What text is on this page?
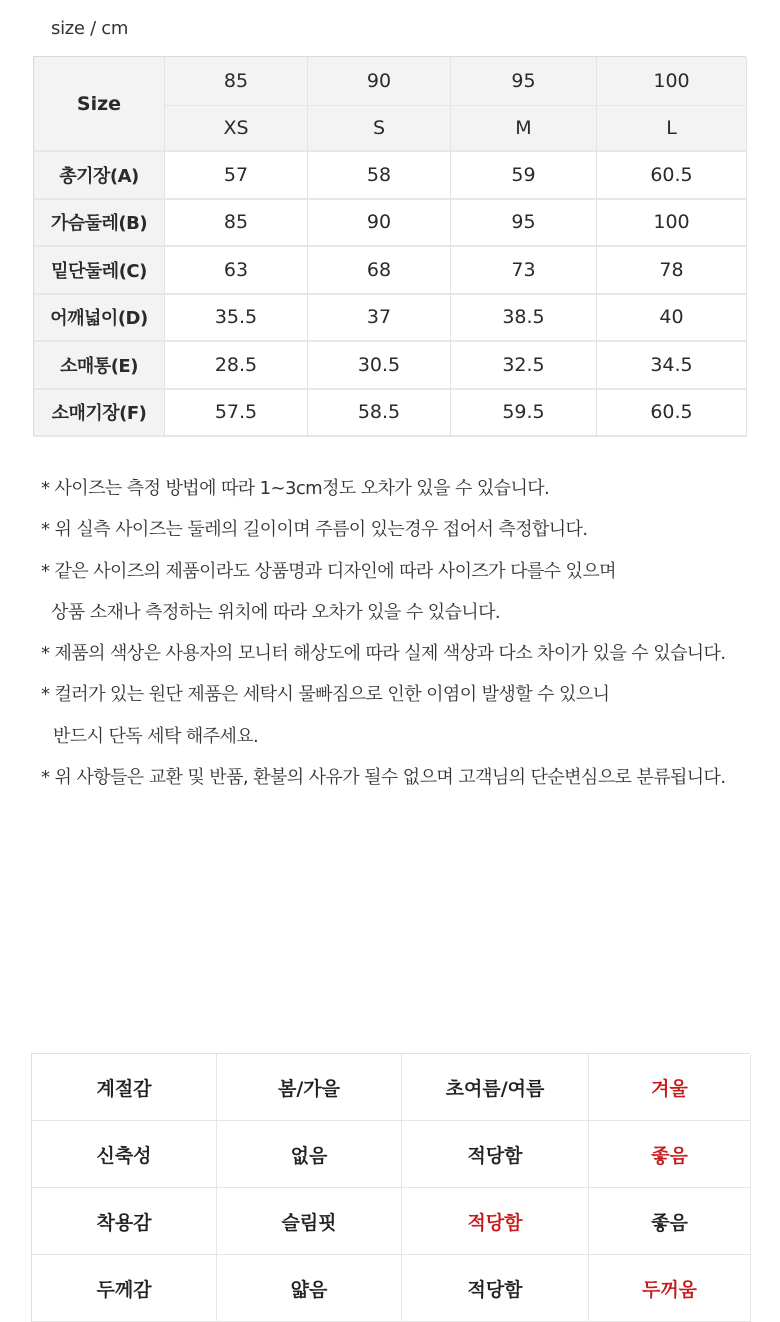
size / cm
Size
85	90	95	100
XS	S	M	L
총기장(A)	57	58	59	60.5
가슴둘레(B)	85	90	95	100
밑단둘레(C)	63	68	73	78
어깨넓이(D)	35.5	37	38.5	40
소매통(E)	28.5	30.5	32.5	34.5
소매기장(F)	57.5	58.5	59.5	60.5
* 사이즈는 측정 방법에 따라 1~3cm정도 오차가 있을 수 있습니다.
* 위 실측 사이즈는 둘레의 길이이며 주름이 있는경우 접어서 측정합니다.
* 같은 사이즈의 제품이라도 상품명과 디자인에 따라 사이즈가 다를수 있으며
상품 소재나 측정하는 위치에 따라 오차가 있을 수 있습니다.
* 제품의 색상은 사용자의 모니터 해상도에 따라 실제 색상과 다소 차이가 있을 수 있습니다.
* 컬러가 있는 원단 제품은 세탁시 물빠짐으로 인한 이염이 발생할 수 있으니
반드시 단독 세탁 해주세요.
* 위 사항들은 교환 및 반품, 환불의 사유가 될수 없으며 고객님의 단순변심으로 분류됩니다.
계절감	봄/가을	초여름/여름	겨울
신축성	없음	적당함	좋음
착용감	슬림핏	적당함	좋음
두께감	얇음	적당함	두꺼움
